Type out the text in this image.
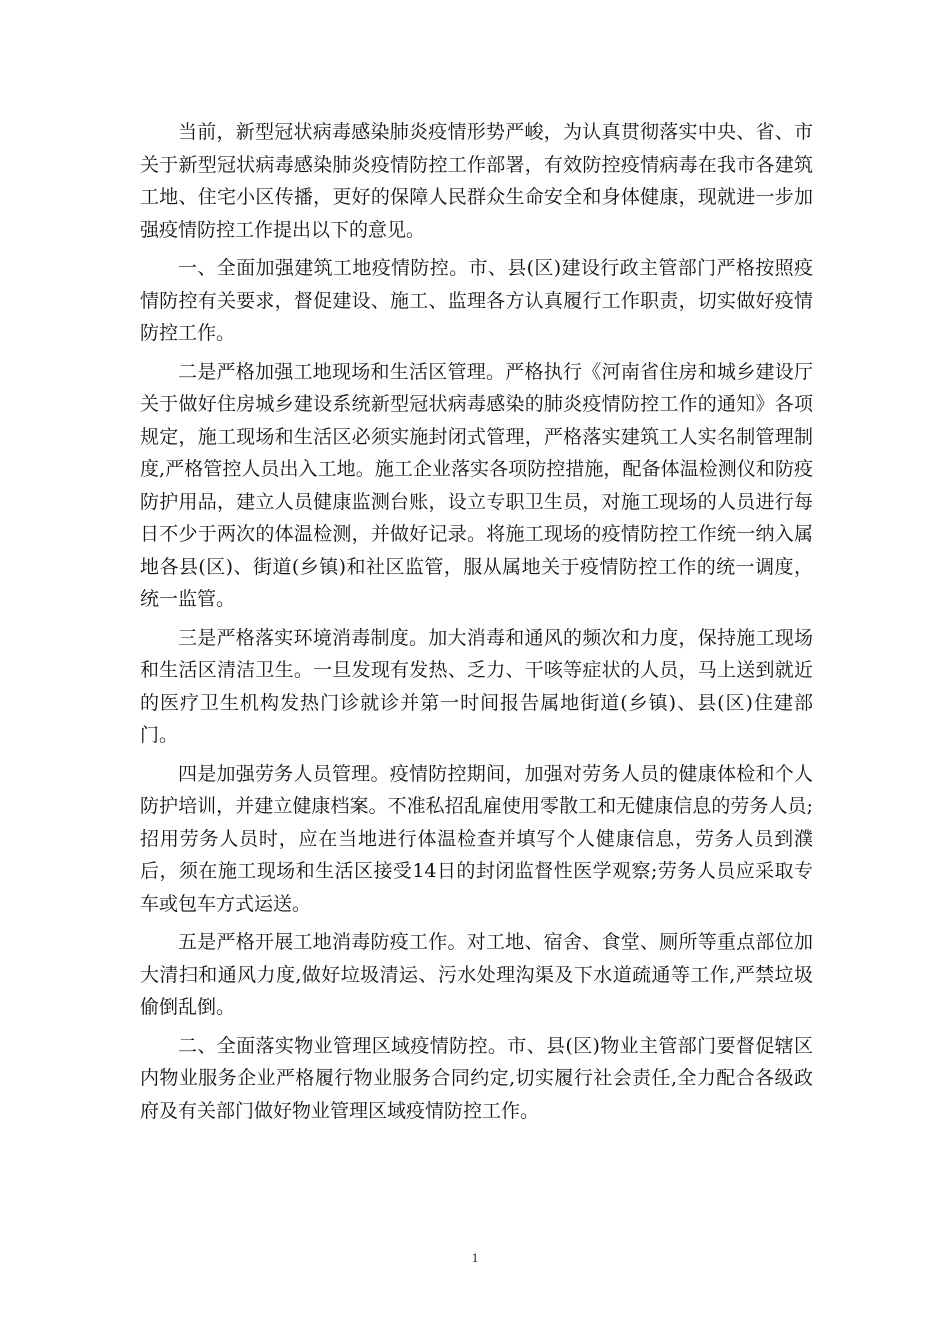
当前，新型冠状病毒感染肺炎疫情形势严峻，为认真贯彻落实中央、省、市关于新型冠状病毒感染肺炎疫情防控工作部署，有效防控疫情病毒在我市各建筑工地、住宅小区传播，更好的保障人民群众生命安全和身体健康，现就进一步加强疫情防控工作提出以下的意见。

一、全面加强建筑工地疫情防控。市、县(区)建设行政主管部门严格按照疫情防控有关要求，督促建设、施工、监理各方认真履行工作职责，切实做好疫情防控工作。

二是严格加强工地现场和生活区管理。严格执行《河南省住房和城乡建设厅关于做好住房城乡建设系统新型冠状病毒感染的肺炎疫情防控工作的通知》各项规定，施工现场和生活区必须实施封闭式管理，严格落实建筑工人实名制管理制度,严格管控人员出入工地。施工企业落实各项防控措施，配备体温检测仪和防疫防护用品，建立人员健康监测台账，设立专职卫生员，对施工现场的人员进行每日不少于两次的体温检测，并做好记录。将施工现场的疫情防控工作统一纳入属地各县(区)、街道(乡镇)和社区监管，服从属地关于疫情防控工作的统一调度，统一监管。

三是严格落实环境消毒制度。加大消毒和通风的频次和力度，保持施工现场和生活区清洁卫生。一旦发现有发热、乏力、干咳等症状的人员，马上送到就近的医疗卫生机构发热门诊就诊并第一时间报告属地街道(乡镇)、县(区)住建部门。

四是加强劳务人员管理。疫情防控期间，加强对劳务人员的健康体检和个人防护培训，并建立健康档案。不准私招乱雇使用零散工和无健康信息的劳务人员;招用劳务人员时，应在当地进行体温检查并填写个人健康信息，劳务人员到濮后，须在施工现场和生活区接受14日的封闭监督性医学观察;劳务人员应采取专车或包车方式运送。

五是严格开展工地消毒防疫工作。对工地、宿舍、食堂、厕所等重点部位加大清扫和通风力度,做好垃圾清运、污水处理沟渠及下水道疏通等工作,严禁垃圾偷倒乱倒。

二、全面落实物业管理区域疫情防控。市、县(区)物业主管部门要督促辖区内物业服务企业严格履行物业服务合同约定,切实履行社会责任,全力配合各级政府及有关部门做好物业管理区域疫情防控工作。

1
